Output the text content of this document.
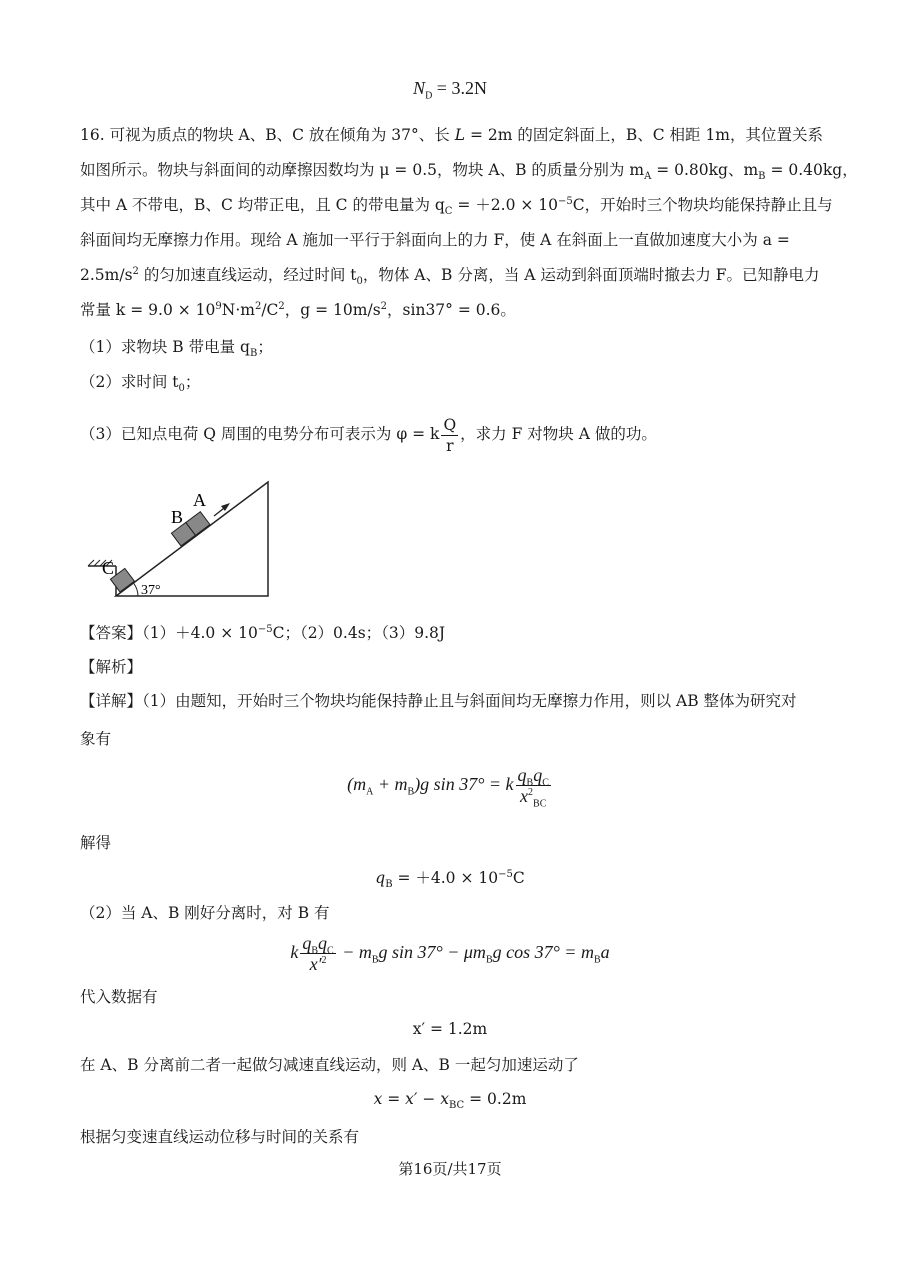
$N_D = 3.2N$
16. 可视为质点的物块 A、B、C 放在倾角为 37°、长 L = 2m 的固定斜面上，B、C 相距 1m，其位置关系
如图所示。物块与斜面间的动摩擦因数均为 μ = 0.5，物块 A、B 的质量分别为 $m_A = 0.80kg$、$m_B = 0.40kg$，
其中 A 不带电，B、C 均带正电，且 C 的带电量为 $q_C = +2.0 \times 10^{-5}C$，开始时三个物块均能保持静止且与
斜面间均无摩擦力作用。现给 A 施加一平行于斜面向上的力 F，使 A 在斜面上一直做加速度大小为 a =
$2.5m/s^2$ 的匀加速直线运动，经过时间 $t_0$，物体 A、B 分离，当 A 运动到斜面顶端时撤去力 F。已知静电力
常量 $k = 9.0 \times 10^9N\cdot m^2/C^2$，$g = 10m/s^2$，sin37° = 0.6。
（1）求物块 B 带电量 $q_B$；
（2）求时间 $t_0$；
（3）已知点电荷 Q 周围的电势分布可表示为 φ = k $\frac{Q}{r}$ ，求力 F 对物块 A 做的功。
A
B
C
37°
【答案】$(1)+4.0 \times 10^{-5}C$；（2）0.4s；（3）9.8J
【解析】
【详解】（1）由题知，开始时三个物块均能保持静止且与斜面间均无摩擦力作用，则以 AB 整体为研究对
象有
$(m_A + m_B)g$ sin 37° = k $\frac{q_Bq_C}{x^2_{BC}}$
解得
$q_B = +4.0 \times 10^{-5}C$
（2）当 A、B 刚好分离时，对 B 有
k $\frac{q_Bq_C}{x'^2} - m_Bg$ $\sin 37^\circ - \mu m_Bg$ $\cos 37^\circ = m_Ba$
代入数据有
x′ = 1.2m
在 A、B 分离前二者一起做匀减速直线运动，则 A、B 一起匀加速运动了
$x = x' - x_{BC} = 0.2m$
根据匀变速直线运动位移与时间的关系有
第16页/共17页
